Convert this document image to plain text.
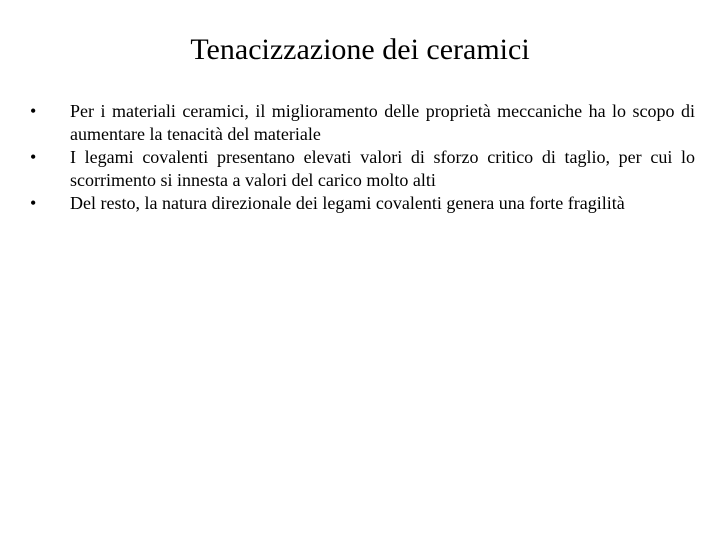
Tenacizzazione dei ceramici
•	Per i materiali ceramici, il miglioramento delle proprietà meccaniche ha lo scopo di aumentare la tenacità del materiale
•	I legami covalenti presentano elevati valori di sforzo critico di taglio, per cui lo scorrimento si innesta a valori del carico molto alti
•	Del resto, la natura direzionale dei legami covalenti genera una forte fragilità
